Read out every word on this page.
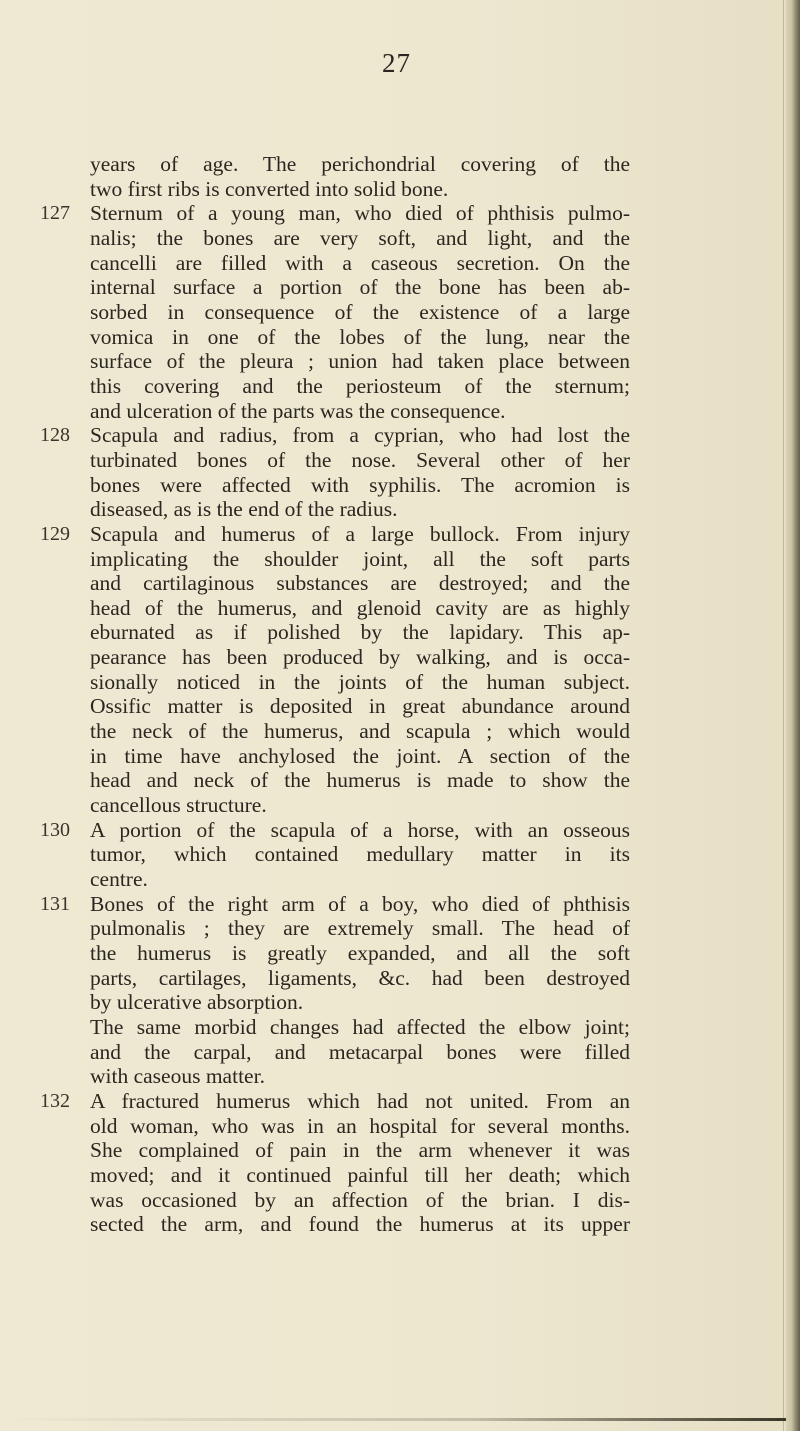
27
years of age. The perichondrial covering of the
two first ribs is converted into solid bone.
127 Sternum of a young man, who died of phthisis pulmo-
nalis; the bones are very soft, and light, and the
cancelli are filled with a caseous secretion. On the
internal surface a portion of the bone has been ab-
sorbed in consequence of the existence of a large
vomica in one of the lobes of the lung, near the
surface of the pleura ; union had taken place between
this covering and the periosteum of the sternum;
and ulceration of the parts was the consequence.
128 Scapula and radius, from a cyprian, who had lost the
turbinated bones of the nose. Several other of her
bones were affected with syphilis. The acromion is
diseased, as is the end of the radius.
129 Scapula and humerus of a large bullock. From injury
implicating the shoulder joint, all the soft parts
and cartilaginous substances are destroyed; and the
head of the humerus, and glenoid cavity are as highly
eburnated as if polished by the lapidary. This ap-
pearance has been produced by walking, and is occa-
sionally noticed in the joints of the human subject.
Ossific matter is deposited in great abundance around
the neck of the humerus, and scapula ; which would
in time have anchylosed the joint. A section of the
head and neck of the humerus is made to show the
cancellous structure.
130 A portion of the scapula of a horse, with an osseous
tumor, which contained medullary matter in its
centre.
131 Bones of the right arm of a boy, who died of phthisis
pulmonalis ; they are extremely small. The head of
the humerus is greatly expanded, and all the soft
parts, cartilages, ligaments, &c. had been destroyed
by ulcerative absorption.
The same morbid changes had affected the elbow joint;
and the carpal, and metacarpal bones were filled
with caseous matter.
132 A fractured humerus which had not united. From an
old woman, who was in an hospital for several months.
She complained of pain in the arm whenever it was
moved; and it continued painful till her death; which
was occasioned by an affection of the brian. I dis-
sected the arm, and found the humerus at its upper
